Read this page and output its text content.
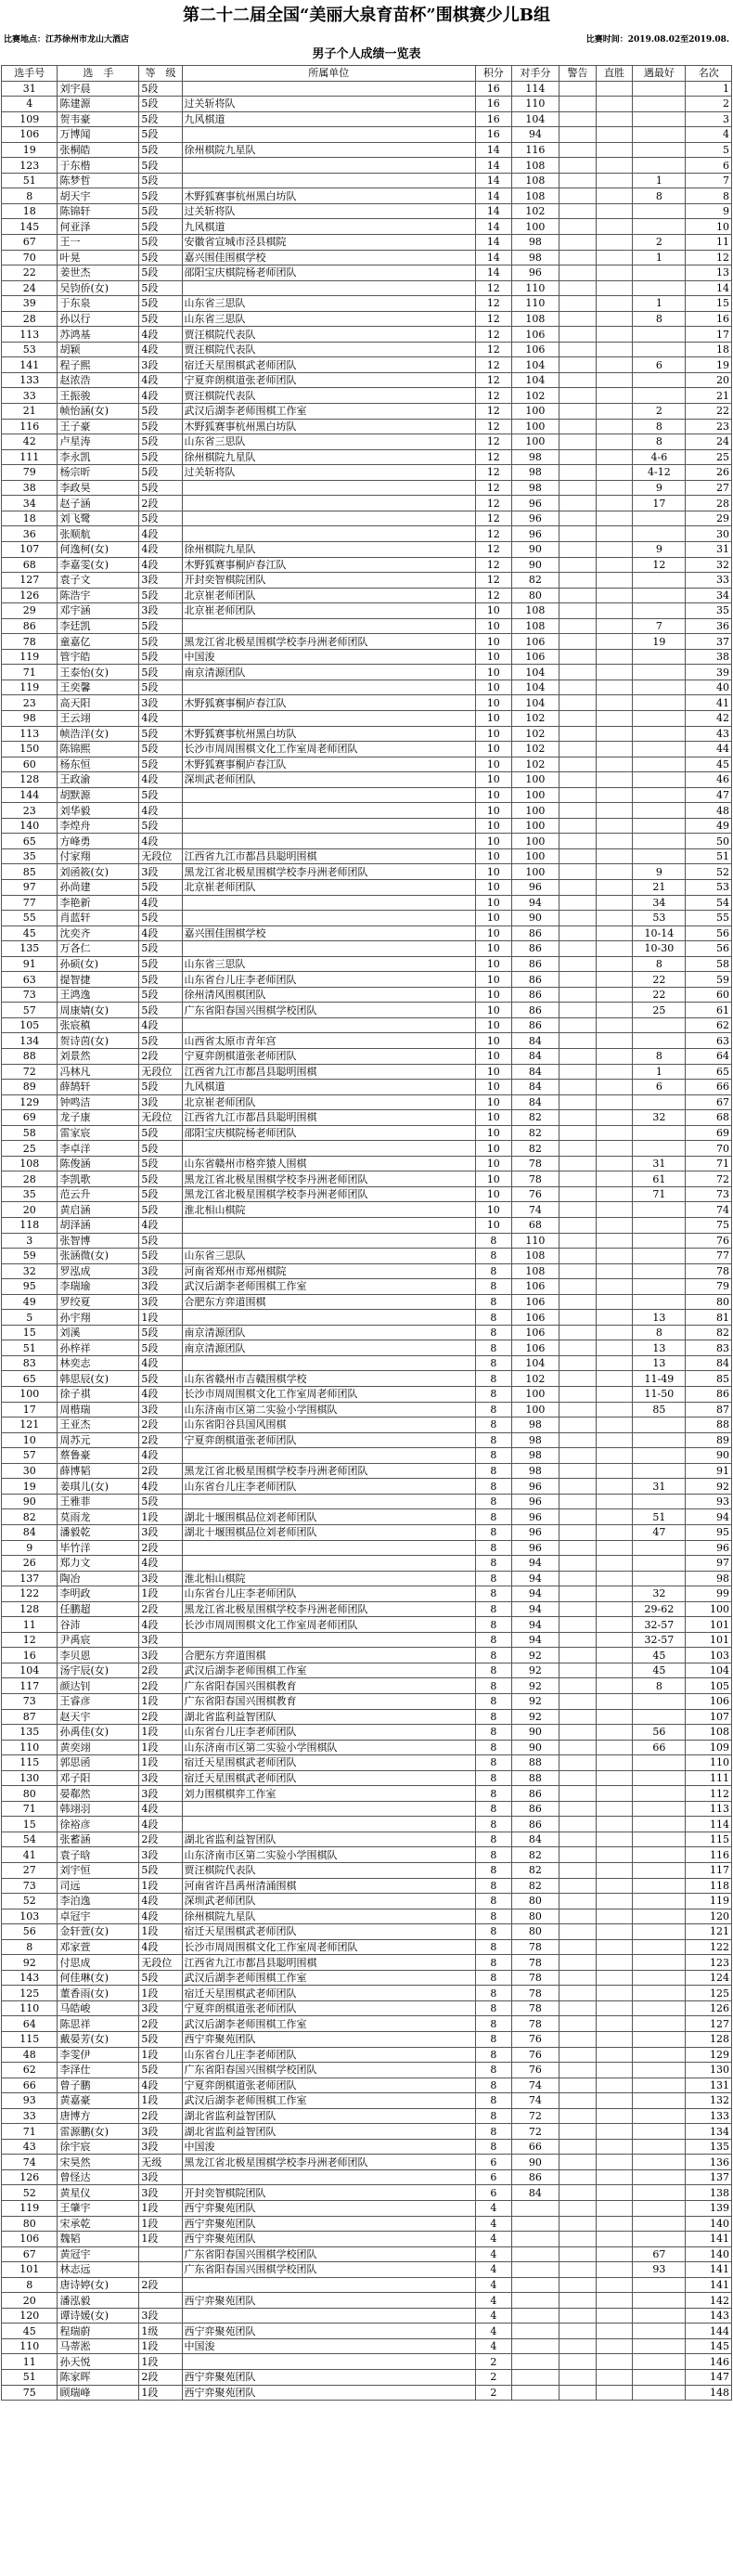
第二十二届全国“美丽大泉育苗杯”围棋赛少儿B组
比赛地点：江苏徐州市龙山大酒店	比赛时间：2019.08.02至2019.08.
男子个人成绩一览表
选手号	选　手	等　级	所属单位	积分	对手分	警告	直胜	遇最好	名次
31	刘宇晨	5段		16	114				1
4	陈建源	5段	过关斩将队	16	110				2
109	贺韦豪	5段	九风棋道	16	104				3
106	万博闻	5段		16	94				4
19	张桐皓	5段	徐州棋院九星队	14	116				5
123	于东楷	5段		14	108				6
51	陈梦哲	5段		14	108			1	7
8	胡天宇	5段	木野狐赛事杭州黑白坊队	14	108			8	8
18	陈锦轩	5段	过关斩将队	14	102				9
145	何亚泽	5段	九风棋道	14	100				10
67	王一	5段	安徽省宣城市泾县棋院	14	98			2	11
70	叶晃	5段	嘉兴围佳围棋学校	14	98			1	12
22	姜世杰	5段	邵阳宝庆棋院杨老师团队	14	96				13
24	吴钧侨(女)	5段		12	110				14
39	于东泉	5段	山东省三思队	12	110			1	15
28	孙以行	5段	山东省三思队	12	108			8	16
113	苏鸿基	4段	贾汪棋院代表队	12	106				17
53	胡颖	4段	贾汪棋院代表队	12	106				18
141	程子熙	3段	宿迁天星围棋武老师团队	12	104			6	19
133	赵浓浩	4段	宁夏弈朗棋道张老师团队	12	104				20
33	王振骏	4段	贾汪棋院代表队	12	102				21
21	帧怡涵(女)	5段	武汉后湖李老师围棋工作室	12	100			2	22
116	王子豪	5段	木野狐赛事杭州黑白坊队	12	100			8	23
42	卢星涛	5段	山东省三思队	12	100			8	24
111	李永凯	5段	徐州棋院九星队	12	98			4-6	25
79	杨宗昕	5段	过关斩将队	12	98			4-12	26
38	李政昊	5段		12	98			9	27
34	赵子涵	2段		12	96			17	28
18	刘飞鹭	5段		12	96				29
36	张顺航	4段		12	96				30
107	何逸柯(女)	4段	徐州棋院九星队	12	90			9	31
68	李嘉雯(女)	4段	木野狐赛事桐庐春江队	12	90			12	32
127	袁子文	3段	开封奕智棋院团队	12	82				33
126	陈浩宇	5段	北京崔老师团队	12	80				34
29	邓宇涵	3段	北京崔老师团队	10	108				35
86	李廷凯	5段		10	108			7	36
78	童嘉亿	5段	黑龙江省北极星围棋学校李丹洲老师团队	10	106			19	37
119	管宇皓	5段	中国浚	10	106				38
71	王泰怡(女)	5段	南京清源团队	10	104				39
119	王奕馨	5段		10	104				40
23	高天阳	3段	木野狐赛事桐庐春江队	10	104				41
98	王云翊	4段		10	102				42
113	帧浩洋(女)	5段	木野狐赛事杭州黑白坊队	10	102				43
150	陈锦熙	5段	长沙市周周围棋文化工作室周老师团队	10	102				44
60	杨东恒	5段	木野狐赛事桐庐春江队	10	102				45
128	王政渝	4段	深圳武老师团队	10	100				46
144	胡默源	5段		10	100				47
23	刘华毅	4段		10	100				48
140	李煌舟	5段		10	100				49
65	方峰勇	4段		10	100				50
35	付家翔	无段位	江西省九江市都昌县聪明围棋	10	100				51
85	刘函筱(女)	3段	黑龙江省北极星围棋学校李丹洲老师团队	10	100			9	52
97	孙尚建	5段	北京崔老师团队	10	96			21	53
77	李艳新	4段		10	94			34	54
55	肖蓝轩	5段		10	90			53	55
45	沈奕齐	4段	嘉兴围佳围棋学校	10	86			10-14	56
135	万各仁	5段		10	86			10-30	56
91	孙硕(女)	5段	山东省三思队	10	86			8	58
63	提智捷	5段	山东省台儿庄李老师团队	10	86			22	59
73	王鸿逸	5段	徐州清风围棋团队	10	86			22	60
57	周康婧(女)	5段	广东省阳春国兴围棋学校团队	10	86			25	61
105	张宸稹	4段		10	86				62
134	贺诗茵(女)	5段	山西省太原市青年宫	10	84				63
88	刘景然	2段	宁夏弈朗棋道张老师团队	10	84			8	64
72	冯林凡	无段位	江西省九江市都昌县聪明围棋	10	84			1	65
89	薛鹄轩	5段	九风棋道	10	84			6	66
129	钟鸣洁	3段	北京崔老师团队	10	84				67
69	龙子康	无段位	江西省九江市都昌县聪明围棋	10	82			32	68
58	雷家宸	5段	邵阳宝庆棋院杨老师团队	10	82				69
25	李卓洋	5段		10	82				70
108	陈俊涵	5段	山东省赣州市格弈猿人围棋	10	78			31	71
28	李凯歌	5段	黑龙江省北极星围棋学校李丹洲老师团队	10	78			61	72
35	范云升	5段	黑龙江省北极星围棋学校李丹洲老师团队	10	76			71	73
20	黄启涵	5段	淮北相山棋院	10	74				74
118	胡泽涵	4段		10	68				75
3	张智博	5段		8	110				76
59	张涵微(女)	5段	山东省三思队	8	108				77
32	罗泓成	3段	河南省郑州市郑州棋院	8	108				78
95	李瑞瑜	3段	武汉后湖李老师围棋工作室	8	106				79
49	罗绞夏	3段	合肥东方弈道围棋	8	106				80
5	孙宇翔	1段		8	106			13	81
15	刘溪	5段	南京清源团队	8	106			8	82
51	孙梓祥	5段	南京清源团队	8	106			13	83
83	林奕志	4段		8	104			13	84
65	韩思辰(女)	5段	山东省赣州市吉赣围棋学校	8	102			11-49	85
100	徐子祺	4段	长沙市周周围棋文化工作室周老师团队	8	100			11-50	86
17	周楷瑞	3段	山东济南市区第二实验小学围棋队	8	100			85	87
121	王亚杰	2段	山东省阳谷县国风围棋	8	98				88
10	周苏元	2段	宁夏弈朗棋道张老师团队	8	98				89
57	蔡鲁豪	4段		8	98				90
30	薛博韬	2段	黑龙江省北极星围棋学校李丹洲老师团队	8	98				91
19	姜琪儿(女)	4段	山东省台儿庄李老师团队	8	96			31	92
90	王雅菲	5段		8	96				93
82	莫雨龙	1段	湖北十堰围棋品位刘老师团队	8	96			51	94
84	潘毅乾	3段	湖北十堰围棋品位刘老师团队	8	96			47	95
9	毕竹洋	2段		8	96				96
26	郑力文	4段		8	94				97
137	陶冶	3段	淮北相山棋院	8	94				98
122	李明政	1段	山东省台儿庄李老师团队	8	94			32	99
128	任鹏超	2段	黑龙江省北极星围棋学校李丹洲老师团队	8	94			29-62	100
11	谷沛	4段	长沙市周周围棋文化工作室周老师团队	8	94			32-57	101
12	尹禹宸	3段		8	94			32-57	101
16	李贝恩	3段	合肥东方弈道围棋	8	92			45	103
104	汤宇辰(女)	2段	武汉后湖李老师围棋工作室	8	92			45	104
117	颜达钊	2段	广东省阳春国兴围棋教育	8	92			8	105
73	王睿彦	1段	广东省阳春国兴围棋教育	8	92				106
87	赵天宇	2段	湖北省监利益智团队	8	92				107
135	孙禹佳(女)	1段	山东省台儿庄李老师团队	8	90			56	108
110	黄奕翊	1段	山东济南市区第二实验小学围棋队	8	90			66	109
115	郭思函	1段	宿迁天星围棋武老师团队	8	88				110
130	邓子阳	3段	宿迁天星围棋武老师团队	8	88				111
80	晏郗然	3段	刘力围棋棋弈工作室	8	86				112
71	韩翊羽	4段		8	86				113
15	徐裕彦	4段		8	86				114
54	张蓄涵	2段	湖北省监利益智团队	8	84				115
41	袁子晗	3段	山东济南市区第二实验小学围棋队	8	82				116
27	刘宇恒	5段	贾汪棋院代表队	8	82				117
73	司远	1段	河南省许昌禹州清涌围棋	8	82				118
52	李泊逸	4段	深圳武老师团队	8	80				119
103	卓冠宇	4段	徐州棋院九星队	8	80				120
56	金轩萱(女)	1段	宿迁天星围棋武老师团队	8	80				121
8	邓家萱	4段	长沙市周周围棋文化工作室周老师团队	8	78				122
92	付思成	无段位	江西省九江市都昌县聪明围棋	8	78				123
143	何佳琳(女)	5段	武汉后湖李老师围棋工作室	8	78				124
125	董香雨(女)	1段	宿迁天星围棋武老师团队	8	78				125
110	马皓峻	3段	宁夏弈朗棋道张老师团队	8	78				126
64	陈思祥	2段	武汉后湖李老师围棋工作室	8	78				127
115	戴晏芳(女)	5段	西宁弈聚苑团队	8	76				128
48	李雯伊	1段	山东省台儿庄李老师团队	8	76				129
62	李泽仕	5段	广东省阳春国兴围棋学校团队	8	76				130
66	曾子鹏	4段	宁夏弈朗棋道张老师团队	8	74				131
93	黄嘉豪	1段	武汉后湖李老师围棋工作室	8	74				132
33	唐博方	2段	湖北省监利益智团队	8	72				133
71	雷源鹏(女)	3段	湖北省监利益智团队	8	72				134
43	徐宇宸	3段	中国浚	8	66				135
74	宋昊然	无级	黑龙江省北极星围棋学校李丹洲老师团队	6	90				136
126	曾怪达	3段		6	86				137
52	黄星仪	3段	开封奕智棋院团队	6	84				138
119	王肇宇	1段	西宁弈聚苑团队	4					139
80	宋承乾	1段	西宁弈聚苑团队	4					140
106	魏韬	1段	西宁弈聚苑团队	4					141
67	黄冠宇		广东省阳春国兴围棋学校团队	4				67	140
101	林志远		广东省阳春国兴围棋学校团队	4				93	141
8	唐诗婷(女)	2段		4					141
20	潘泓毅		西宁弈聚苑团队	4					142
120	谭诗媛(女)	3段		4					143
45	程瑞蔚	1级	西宁弈聚苑团队	4					144
110	马蒂淞	1段	中国浚	4					145
11	孙天悦	1段		2					146
51	陈家晖	2段	西宁弈聚苑团队	2					147
75	顾瑞峰	1段	西宁弈聚苑团队	2					148
